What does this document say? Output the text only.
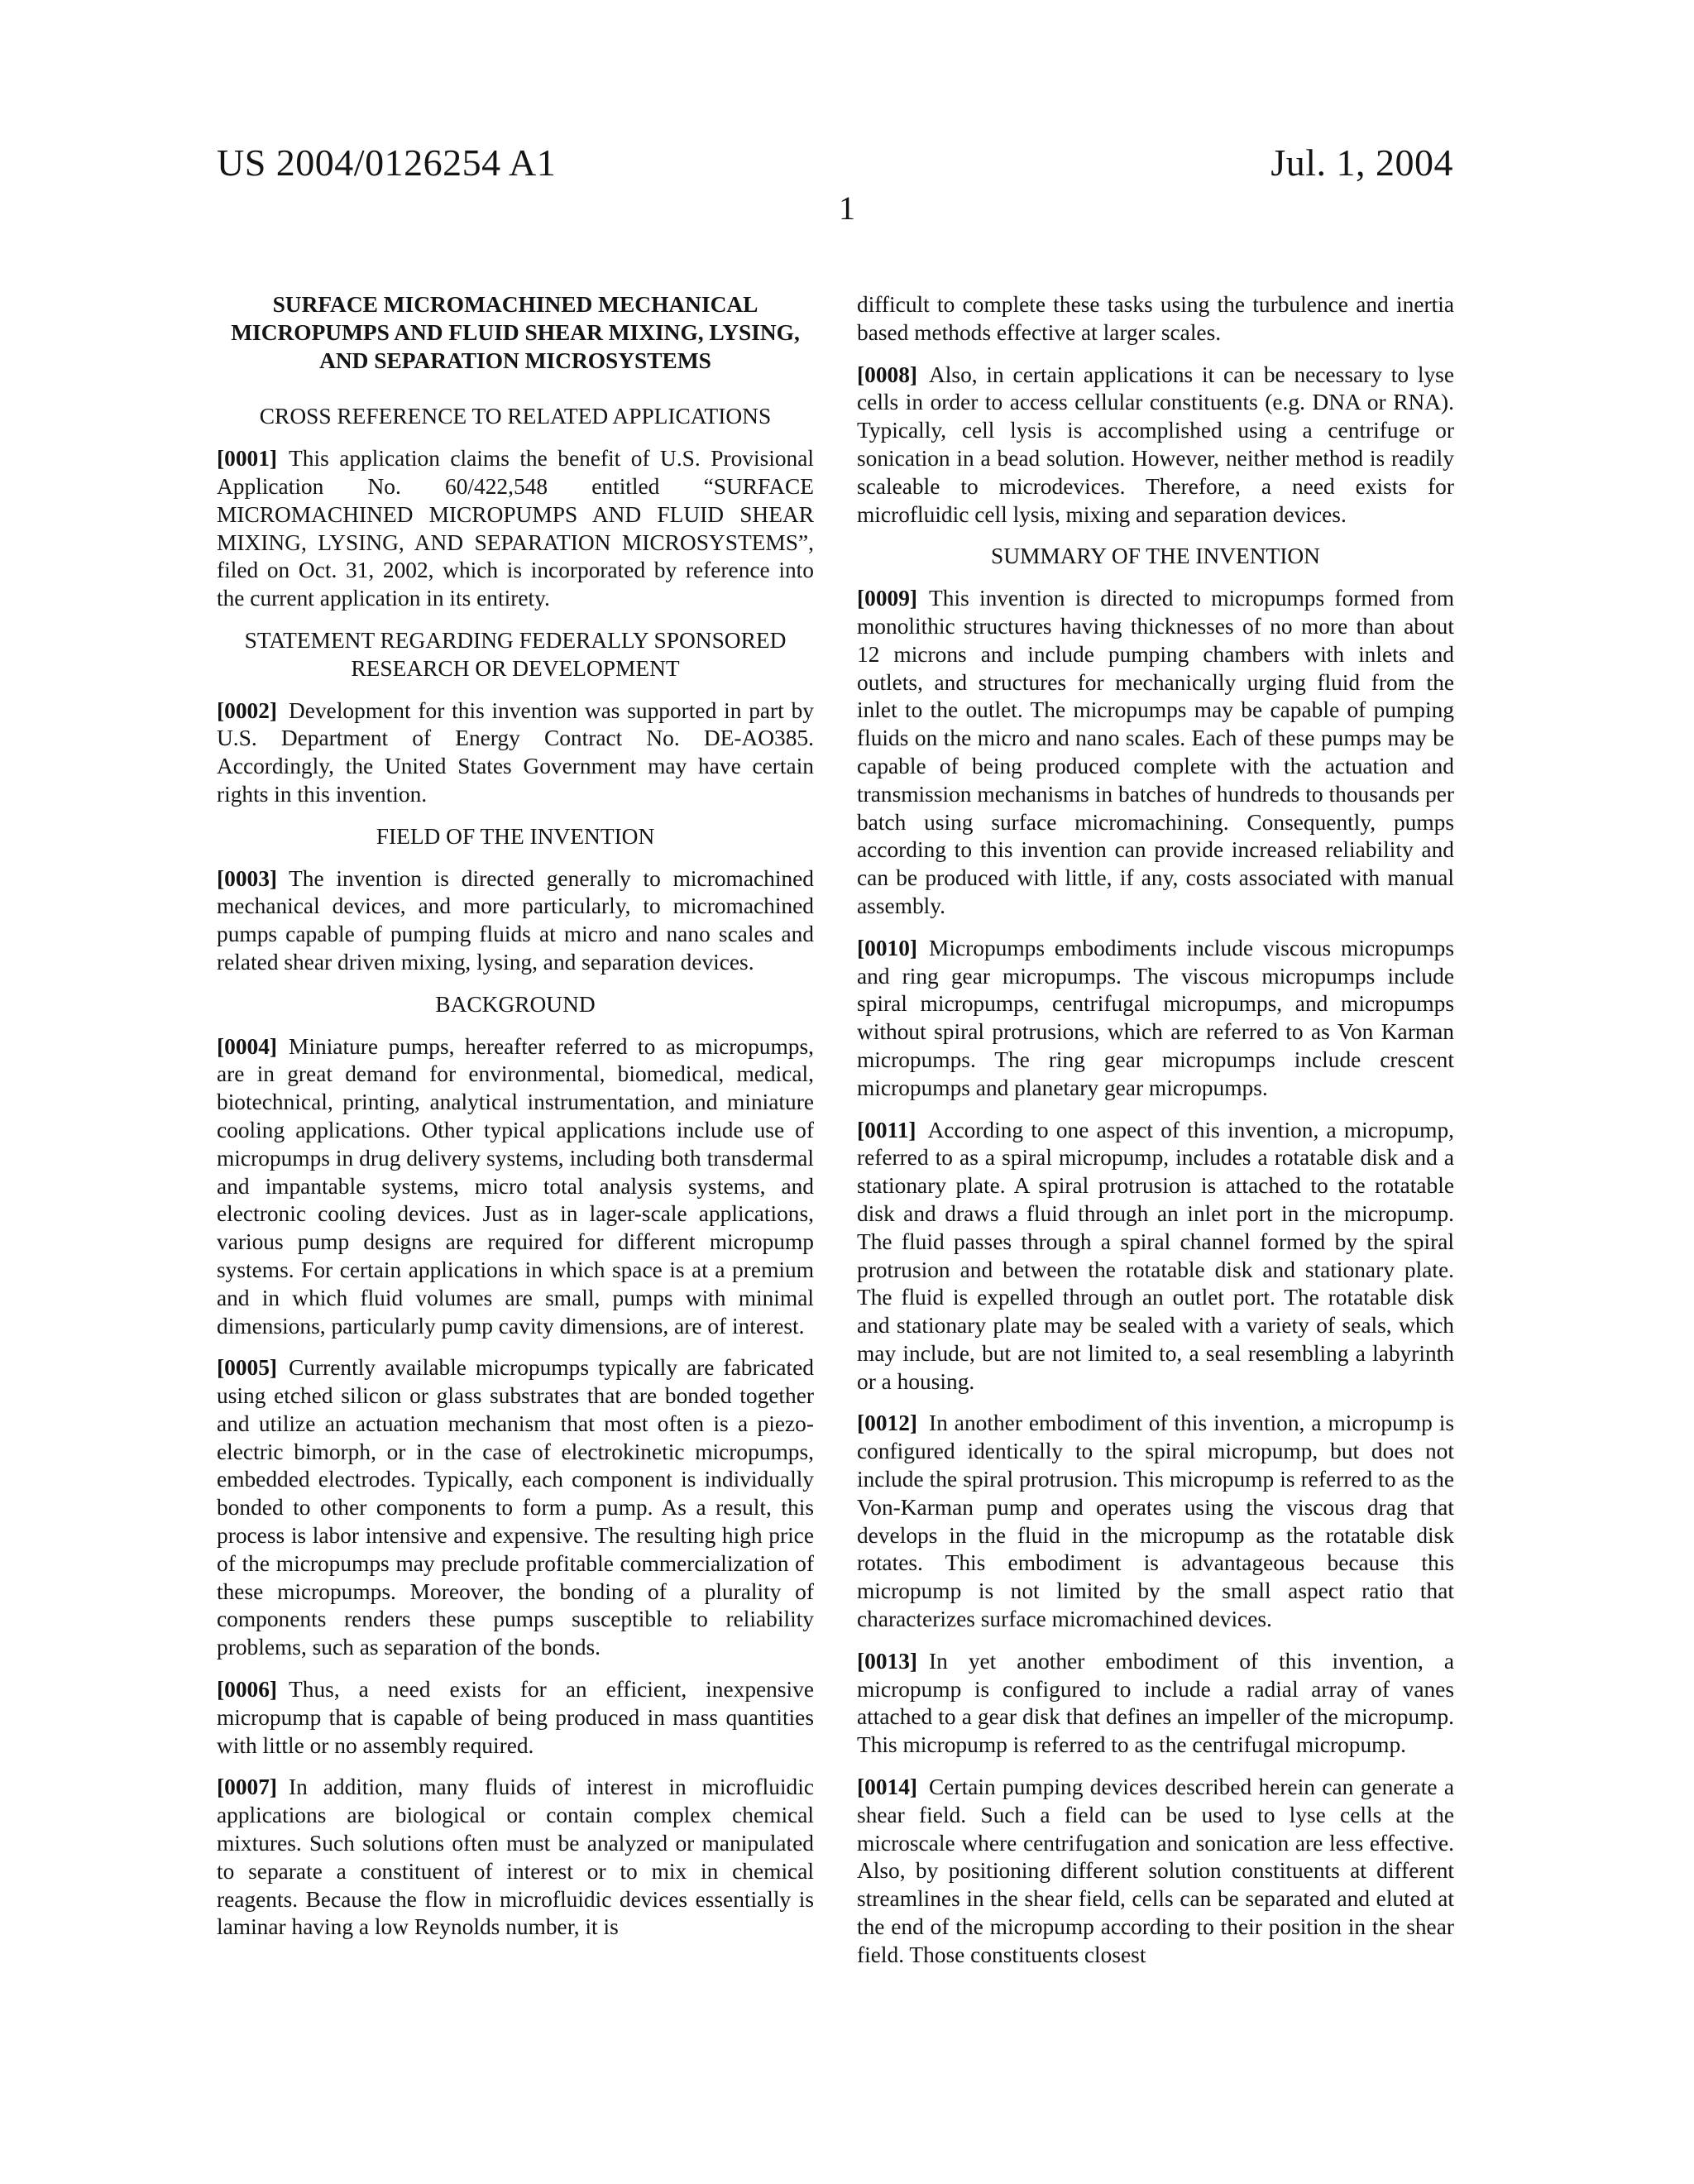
US 2004/0126254 A1	Jul. 1, 2004
1
SURFACE MICROMACHINED MECHANICAL MICROPUMPS AND FLUID SHEAR MIXING, LYSING, AND SEPARATION MICROSYSTEMS
CROSS REFERENCE TO RELATED APPLICATIONS
[0001] This application claims the benefit of U.S. Provisional Application No. 60/422,548 entitled “SURFACE MICROMACHINED MICROPUMPS AND FLUID SHEAR MIXING, LYSING, AND SEPARATION MICROSYSTEMS”, filed on Oct. 31, 2002, which is incorporated by reference into the current application in its entirety.
STATEMENT REGARDING FEDERALLY SPONSORED RESEARCH OR DEVELOPMENT
[0002] Development for this invention was supported in part by U.S. Department of Energy Contract No. DE-AO385. Accordingly, the United States Government may have certain rights in this invention.
FIELD OF THE INVENTION
[0003] The invention is directed generally to micromachined mechanical devices, and more particularly, to micromachined pumps capable of pumping fluids at micro and nano scales and related shear driven mixing, lysing, and separation devices.
BACKGROUND
[0004] Miniature pumps, hereafter referred to as micropumps, are in great demand for environmental, biomedical, medical, biotechnical, printing, analytical instrumentation, and miniature cooling applications. Other typical applications include use of micropumps in drug delivery systems, including both transdermal and impantable systems, micro total analysis systems, and electronic cooling devices. Just as in lager-scale applications, various pump designs are required for different micropump systems. For certain applications in which space is at a premium and in which fluid volumes are small, pumps with minimal dimensions, particularly pump cavity dimensions, are of interest.
[0005] Currently available micropumps typically are fabricated using etched silicon or glass substrates that are bonded together and utilize an actuation mechanism that most often is a piezo-electric bimorph, or in the case of electrokinetic micropumps, embedded electrodes. Typically, each component is individually bonded to other components to form a pump. As a result, this process is labor intensive and expensive. The resulting high price of the micropumps may preclude profitable commercialization of these micropumps. Moreover, the bonding of a plurality of components renders these pumps susceptible to reliability problems, such as separation of the bonds.
[0006] Thus, a need exists for an efficient, inexpensive micropump that is capable of being produced in mass quantities with little or no assembly required.
[0007] In addition, many fluids of interest in microfluidic applications are biological or contain complex chemical mixtures. Such solutions often must be analyzed or manipulated to separate a constituent of interest or to mix in chemical reagents. Because the flow in microfluidic devices essentially is laminar having a low Reynolds number, it is
difficult to complete these tasks using the turbulence and inertia based methods effective at larger scales.
[0008] Also, in certain applications it can be necessary to lyse cells in order to access cellular constituents (e.g. DNA or RNA). Typically, cell lysis is accomplished using a centrifuge or sonication in a bead solution. However, neither method is readily scaleable to microdevices. Therefore, a need exists for microfluidic cell lysis, mixing and separation devices.
SUMMARY OF THE INVENTION
[0009] This invention is directed to micropumps formed from monolithic structures having thicknesses of no more than about 12 microns and include pumping chambers with inlets and outlets, and structures for mechanically urging fluid from the inlet to the outlet. The micropumps may be capable of pumping fluids on the micro and nano scales. Each of these pumps may be capable of being produced complete with the actuation and transmission mechanisms in batches of hundreds to thousands per batch using surface micromachining. Consequently, pumps according to this invention can provide increased reliability and can be produced with little, if any, costs associated with manual assembly.
[0010] Micropumps embodiments include viscous micropumps and ring gear micropumps. The viscous micropumps include spiral micropumps, centrifugal micropumps, and micropumps without spiral protrusions, which are referred to as Von Karman micropumps. The ring gear micropumps include crescent micropumps and planetary gear micropumps.
[0011] According to one aspect of this invention, a micropump, referred to as a spiral micropump, includes a rotatable disk and a stationary plate. A spiral protrusion is attached to the rotatable disk and draws a fluid through an inlet port in the micropump. The fluid passes through a spiral channel formed by the spiral protrusion and between the rotatable disk and stationary plate. The fluid is expelled through an outlet port. The rotatable disk and stationary plate may be sealed with a variety of seals, which may include, but are not limited to, a seal resembling a labyrinth or a housing.
[0012] In another embodiment of this invention, a micropump is configured identically to the spiral micropump, but does not include the spiral protrusion. This micropump is referred to as the Von-Karman pump and operates using the viscous drag that develops in the fluid in the micropump as the rotatable disk rotates. This embodiment is advantageous because this micropump is not limited by the small aspect ratio that characterizes surface micromachined devices.
[0013] In yet another embodiment of this invention, a micropump is configured to include a radial array of vanes attached to a gear disk that defines an impeller of the micropump. This micropump is referred to as the centrifugal micropump.
[0014] Certain pumping devices described herein can generate a shear field. Such a field can be used to lyse cells at the microscale where centrifugation and sonication are less effective. Also, by positioning different solution constituents at different streamlines in the shear field, cells can be separated and eluted at the end of the micropump according to their position in the shear field. Those constituents closest
